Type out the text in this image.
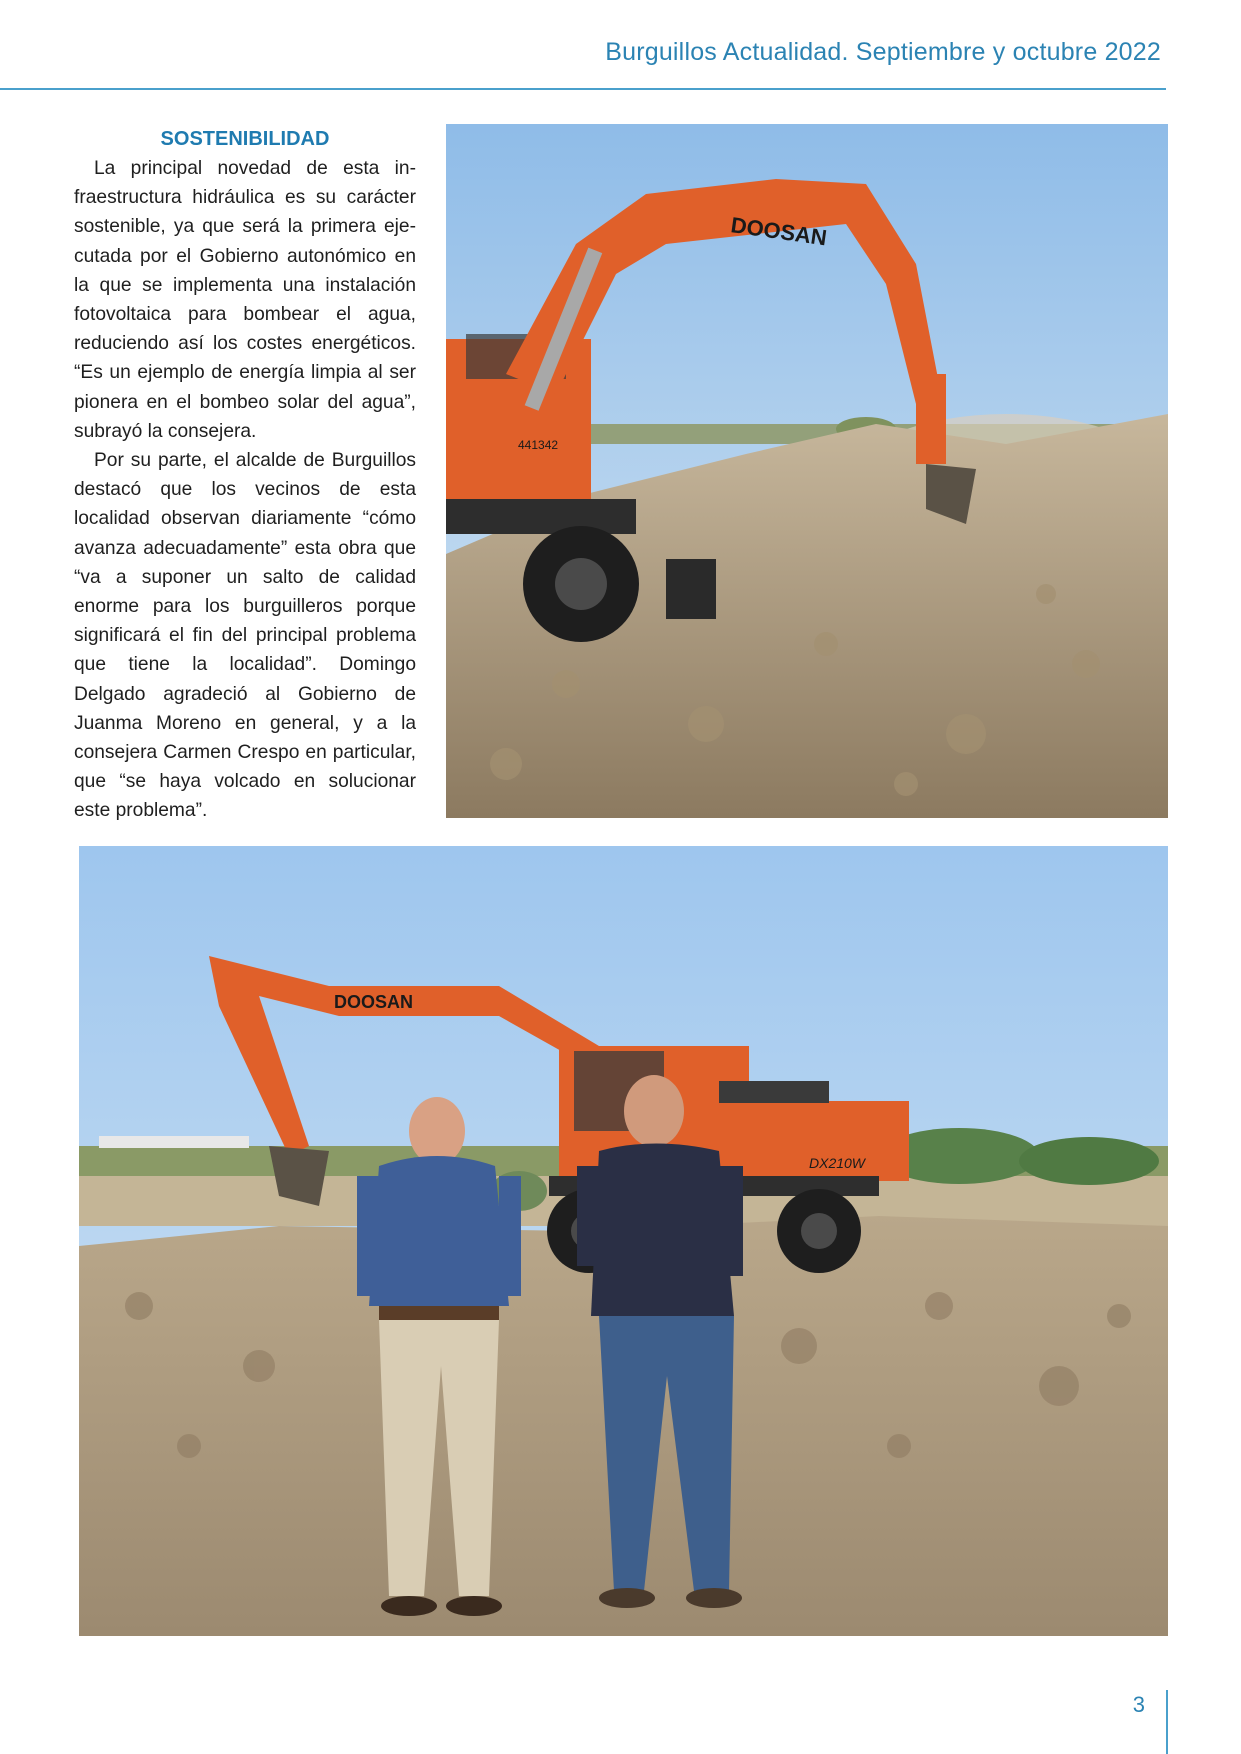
Burguillos Actualidad. Septiembre y octubre 2022
SOSTENIBILIDAD

La principal novedad de esta infraestructura hidráulica es su carácter sostenible, ya que será la primera ejecutada por el Gobierno autonómico en la que se implementa una instalación fotovoltaica para bombear el agua, reduciendo así los costes energéticos. “Es un ejemplo de energía limpia al ser pionera en el bombeo solar del agua”, subrayó la consejera.

Por su parte, el alcalde de Burguillos destacó que los vecinos de esta localidad observan diariamente “cómo avanza adecuadamente” esta obra que “va a suponer un salto de calidad enorme para los burguilleros porque significará el fin del principal problema que tiene la localidad”. Domingo Delgado agradeció al Gobierno de Juanma Moreno en general, y a la consejera Carmen Crespo en particular, que “se haya volcado en solucionar este problema”.

DOOSAN
441342
DOOSAN
DX210W
3
